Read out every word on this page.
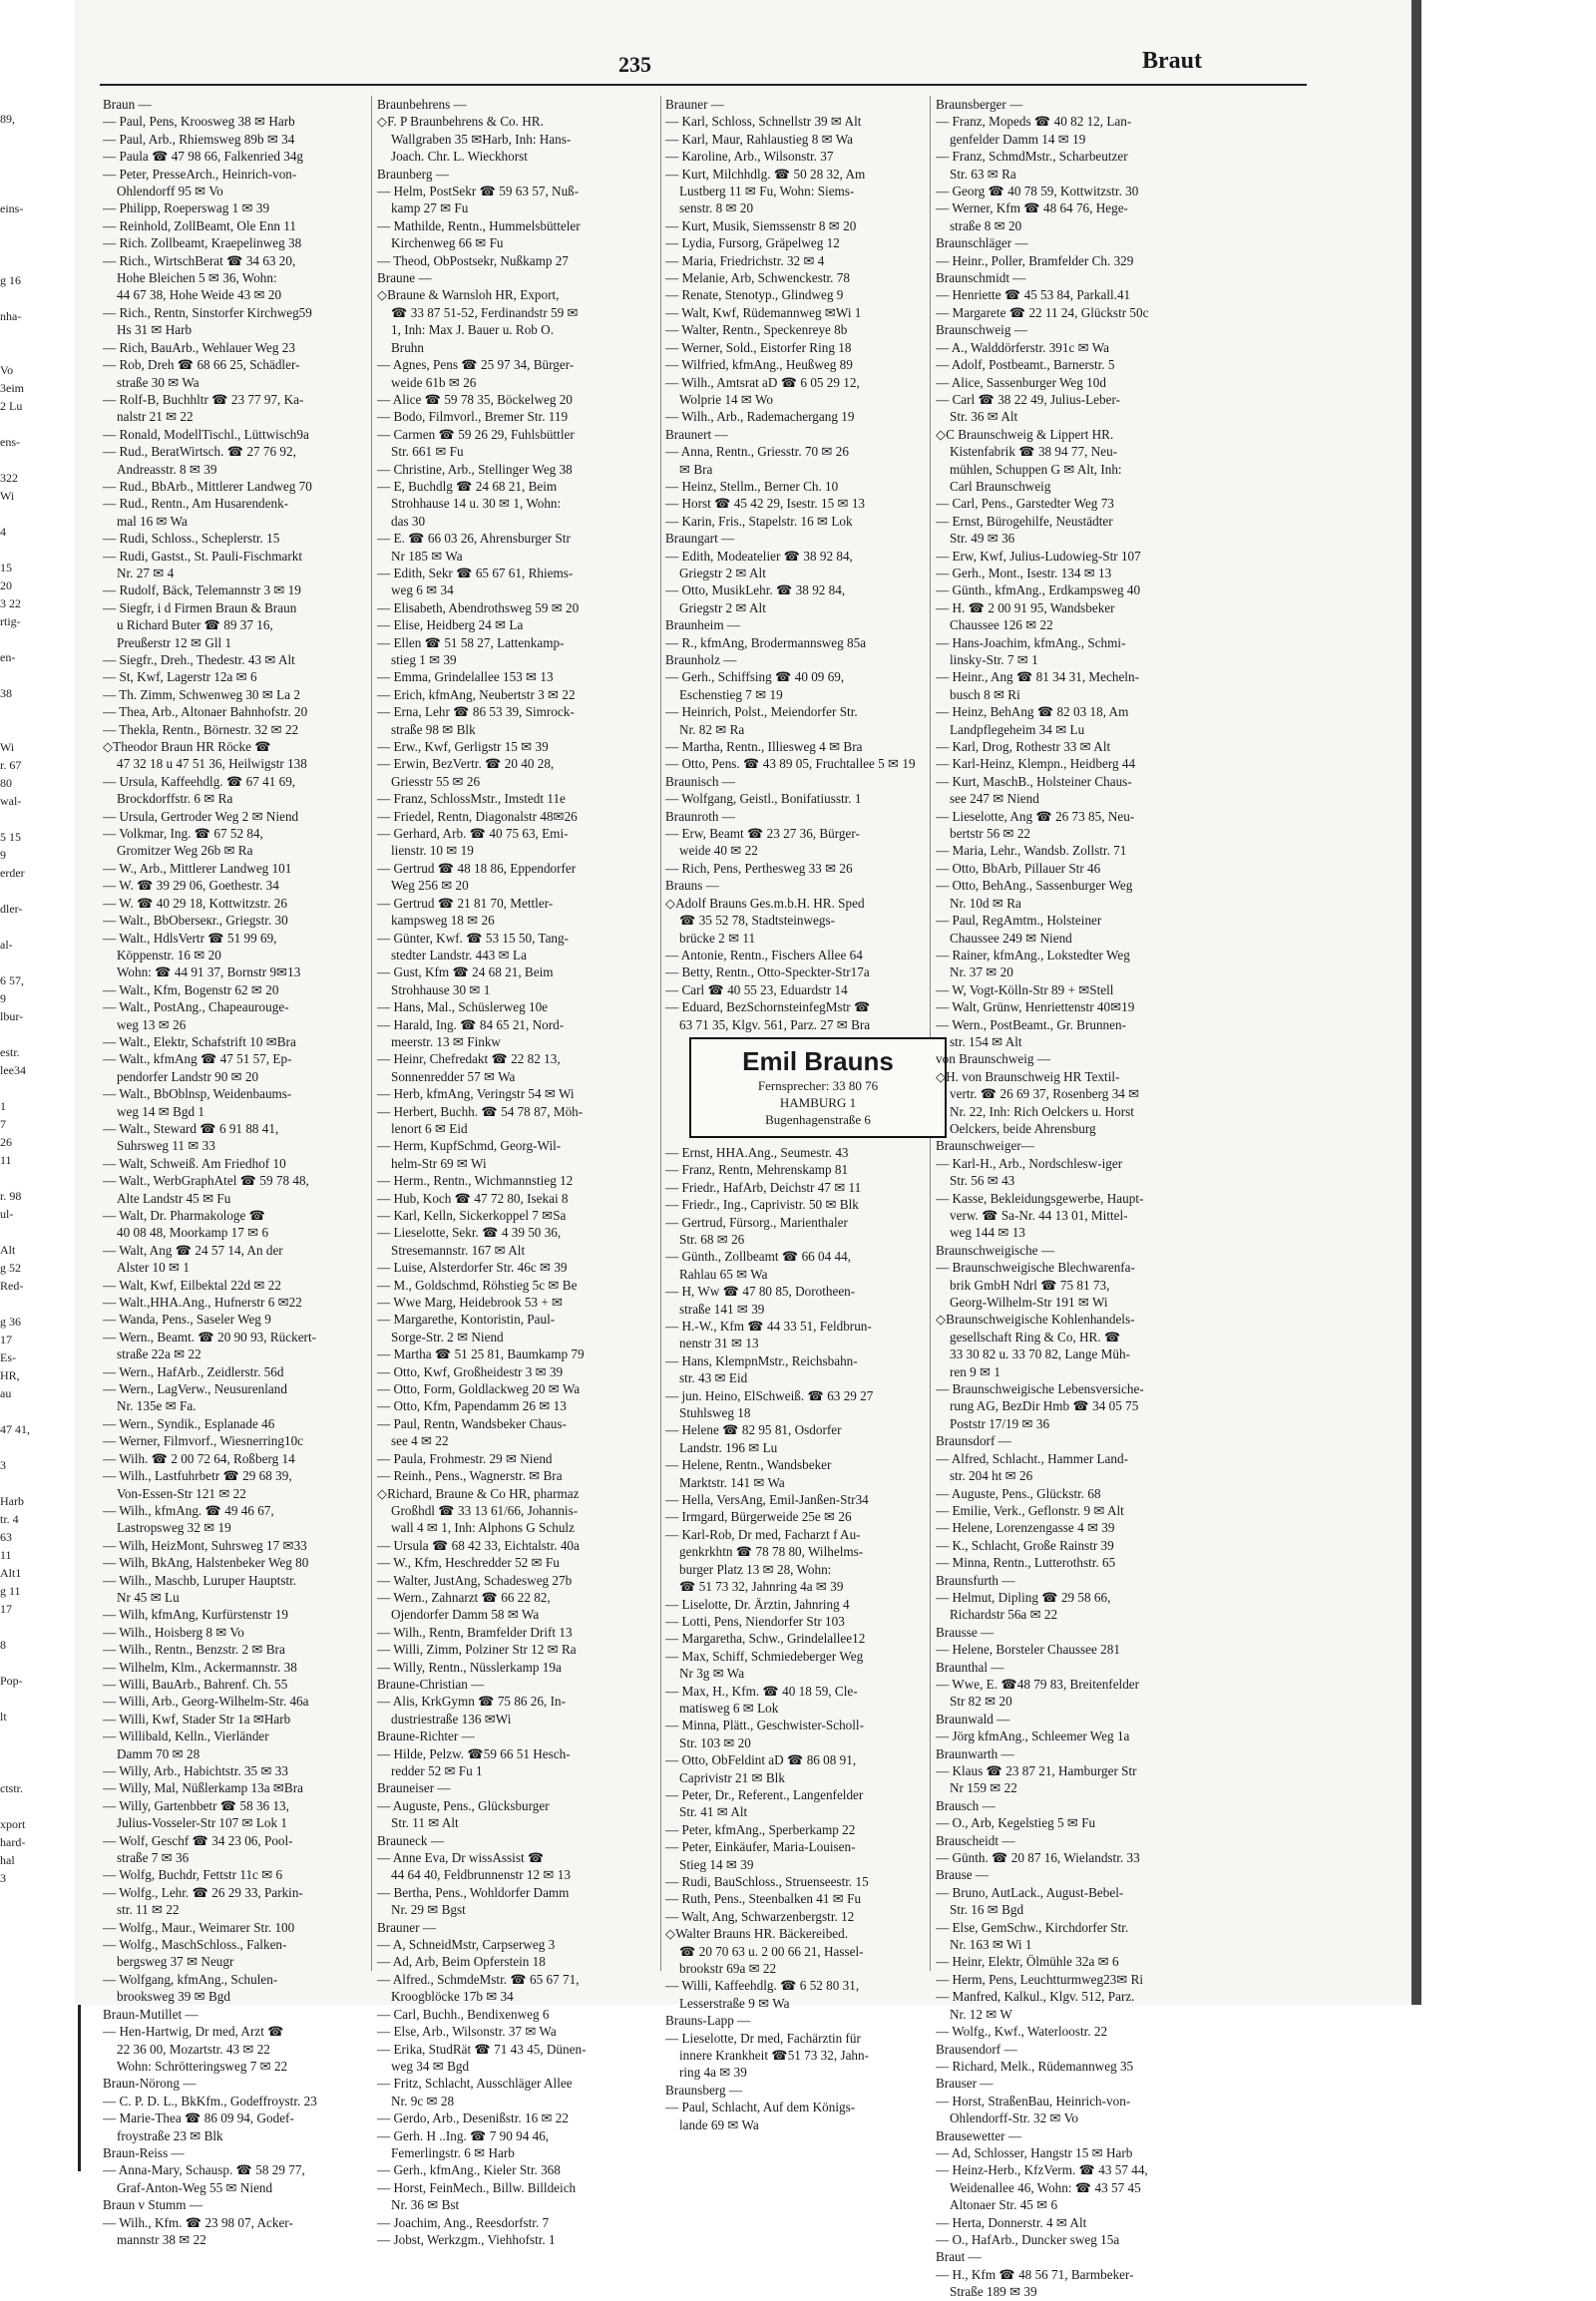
89,

eins-

g 16

nha-

Vo
3eim
2 Lu

ens-

322
Wi

4

15
20
3 22
rtig-

en-

38

Wi
r. 67
80
wal-

5 15
9
erder

dler-

al-

6 57,
9
lbur-

estr.
lee34

1
7
26
11

r. 98
ul-

Alt
g 52
Red-

g 36
17
Es-
HR,
au

47 41,

3

Harb
tr. 4
63
11
Alt1
g 11
17

8

Pop-

lt

ctstr.

xport
hard-
hal
3
235	Braut
Braun —
— Paul, Pens, Kroosweg 38 ✉ Harb
— Paul, Arb., Rhiemsweg 89b ✉ 34
— Paula ☎ 47 98 66, Falkenried 34g
— Peter, PresseArch., Heinrich-von-
Ohlendorff 95 ✉ Vo
— Philipp, Roeperswag 1 ✉ 39
— Reinhold, ZollBeamt, Ole Enn 11
— Rich. Zollbeamt, Kraepelinweg 38
— Rich., WirtschBerat ☎ 34 63 20,
Hohe Bleichen 5 ✉ 36, Wohn:
44 67 38, Hohe Weide 43 ✉ 20
— Rich., Rentn, Sinstorfer Kirchweg59
Hs 31 ✉ Harb
— Rich, BauArb., Wehlauer Weg 23
— Rob, Dreh ☎ 68 66 25, Schädler-
straße 30 ✉ Wa
— Rolf-B, Buchhltr ☎ 23 77 97, Ka-
nalstr 21 ✉ 22
— Ronald, ModellTischl., Lüttwisch9a
— Rud., BeratWirtsch. ☎ 27 76 92,
Andreasstr. 8 ✉ 39
— Rud., BbArb., Mittlerer Landweg 70
— Rud., Rentn., Am Husarendenk-
mal 16 ✉ Wa
— Rudi, Schloss., Scheplerstr. 15
— Rudi, Gastst., St. Pauli-Fischmarkt
Nr. 27 ✉ 4
— Rudolf, Bäck, Telemannstr 3 ✉ 19
— Siegfr, i d Firmen Braun & Braun
u Richard Buter ☎ 89 37 16,
Preußerstr 12 ✉ Gll 1
— Siegfr., Dreh., Thedestr. 43 ✉ Alt
— St, Kwf, Lagerstr 12a ✉ 6
— Th. Zimm, Schwenweg 30 ✉ La 2
— Thea, Arb., Altonaer Bahnhofstr. 20
— Thekla, Rentn., Börnestr. 32 ✉ 22
◇ Theodor Braun HR Röcke ☎
47 32 18 u 47 51 36, Heilwigstr 138
— Ursula, Kaffeehdlg. ☎ 67 41 69,
Brockdorffstr. 6 ✉ Ra
— Ursula, Gertroder Weg 2 ✉ Niend
— Volkmar, Ing. ☎ 67 52 84,
Gromitzer Weg 26b ✉ Ra
— W., Arb., Mittlerer Landweg 101
— W. ☎ 39 29 06, Goethestr. 34
— W. ☎ 40 29 18, Kottwitzstr. 26
— Walt., BbOberseкr., Griegstr. 30
— Walt., HdlsVertr ☎ 51 99 69,
Köppenstr. 16 ✉ 20
Wohn: ☎ 44 91 37, Bornstr 9✉13
— Walt., Kfm, Bogenstr 62 ✉ 20
— Walt., PostAng., Chapeaurouge-
weg 13 ✉ 26
— Walt., Elektr, Schafstrift 10 ✉Bra
— Walt., kfmAng ☎ 47 51 57, Ep-
pendorfer Landstr 90 ✉ 20
— Walt., BbOblnsp, Weidenbaums-
weg 14 ✉ Bgd 1
— Walt., Steward ☎ 6 91 88 41,
Suhrsweg 11 ✉ 33
— Walt, Schweiß. Am Friedhof 10
— Walt., WerbGraphAtel ☎ 59 78 48,
Alte Landstr 45 ✉ Fu
— Walt, Dr. Pharmakologe ☎
40 08 48, Moorkamp 17 ✉ 6
— Walt, Ang ☎ 24 57 14, An der
Alster 10 ✉ 1
— Walt, Kwf, Eilbektal 22d ✉ 22
— Walt.,HHA.Ang., Hufnerstr 6 ✉22
— Wanda, Pens., Saseler Weg 9
— Wern., Beamt. ☎ 20 90 93, Rückert-
straße 22a ✉ 22
— Wern., HafArb., Zeidlerstr. 56d
— Wern., LagVerw., Neusurenland
Nr. 135e ✉ Fa.
— Wern., Syndik., Esplanade 46
— Werner, Filmvorf., Wiesnerring10c
— Wilh. ☎ 2 00 72 64, Roßberg 14
— Wilh., Lastfuhrbetr ☎ 29 68 39,
Von-Essen-Str 121 ✉ 22
— Wilh., kfmAng. ☎ 49 46 67,
Lastropsweg 32 ✉ 19
— Wilh, HeizMont, Suhrsweg 17 ✉33
— Wilh, BkAng, Halstenbeker Weg 80
— Wilh., Maschb, Luruper Hauptstr.
Nr 45 ✉ Lu
— Wilh, kfmAng, Kurfürstenstr 19
— Wilh., Hoisberg 8 ✉ Vo
— Wilh., Rentn., Benzstr. 2 ✉ Bra
— Wilhelm, Klm., Ackermannstr. 38
— Willi, BauArb., Bahrenf. Ch. 55
— Willi, Arb., Georg-Wilhelm-Str. 46a
— Willi, Kwf, Stader Str 1a ✉Harb
— Willibald, Kelln., Vierländer
Damm 70 ✉ 28
— Willy, Arb., Habichtstr. 35 ✉ 33
— Willy, Mal, Nüßlerkamp 13a ✉Bra
— Willy, Gartenbbetr ☎ 58 36 13,
Julius-Vosseler-Str 107 ✉ Lok 1
— Wolf, Geschf ☎ 34 23 06, Pool-
straße 7 ✉ 36
— Wolfg, Buchdr, Fettstr 11c ✉ 6
— Wolfg., Lehr. ☎ 26 29 33, Parkin-
str. 11 ✉ 22
— Wolfg., Maur., Weimarer Str. 100
— Wolfg., MaschSchloss., Falken-
bergsweg 37 ✉ Neugr
— Wolfgang, kfmAng., Schulen-
brooksweg 39 ✉ Bgd
Braun-Mutillet —
— Hen-Hartwig, Dr med, Arzt ☎
22 36 00, Mozartstr. 43 ✉ 22
Wohn: Schrötteringsweg 7 ✉ 22
Braun-Nörong —
— C. P. D. L., BkKfm., Godeffroystr. 23
— Marie-Thea ☎ 86 09 94, Godef-
froystraße 23 ✉ Blk
Braun-Reiss —
— Anna-Mary, Schausp. ☎ 58 29 77,
Graf-Anton-Weg 55 ✉ Niend
Braun v Stumm —
— Wilh., Kfm. ☎ 23 98 07, Acker-
mannstr 38 ✉ 22
Braunbehrens —
◇ F. P Braunbehrens & Co. HR.
Wallgraben 35 ✉Harb, Inh: Hans-
Joach. Chr. L. Wieckhorst
Braunberg —
— Helm, PostSekr ☎ 59 63 57, Nuß-
kamp 27 ✉ Fu
— Mathilde, Rentn., Hummelsbütteler
Kirchenweg 66 ✉ Fu
— Theod, ObPostsekr, Nußkamp 27
Braune —
◇ Braune & Warnsloh HR, Export,
☎ 33 87 51-52, Ferdinandstr 59 ✉
1, Inh: Max J. Bauer u. Rob O.
Bruhn
— Agnes, Pens ☎ 25 97 34, Bürger-
weide 61b ✉ 26
— Alice ☎ 59 78 35, Böckelweg 20
— Bodo, Filmvorl., Bremer Str. 119
— Carmen ☎ 59 26 29, Fuhlsbüttler
Str. 661 ✉ Fu
— Christine, Arb., Stellinger Weg 38
— E, Buchdlg ☎ 24 68 21, Beim
Strohhause 14 u. 30 ✉ 1, Wohn:
das 30
— E. ☎ 66 03 26, Ahrensburger Str
Nr 185 ✉ Wa
— Edith, Sekr ☎ 65 67 61, Rhiems-
weg 6 ✉ 34
— Elisabeth, Abendrothsweg 59 ✉ 20
— Elise, Heidberg 24 ✉ La
— Ellen ☎ 51 58 27, Lattenkamp-
stieg 1 ✉ 39
— Emma, Grindelallee 153 ✉ 13
— Erich, kfmAng, Neubertstr 3 ✉ 22
— Erna, Lehr ☎ 86 53 39, Simrock-
straße 98 ✉ Blk
— Erw., Kwf, Gerligstr 15 ✉ 39
— Erwin, BezVertr. ☎ 20 40 28,
Griesstr 55 ✉ 26
— Franz, SchlossMstr., Imstedt 11e
— Friedel, Rentn, Diagonalstr 48✉26
— Gerhard, Arb. ☎ 40 75 63, Emi-
lienstr. 10 ✉ 19
— Gertrud ☎ 48 18 86, Eppendorfer
Weg 256 ✉ 20
— Gertrud ☎ 21 81 70, Mettler-
kampsweg 18 ✉ 26
— Günter, Kwf. ☎ 53 15 50, Tang-
stedter Landstr. 443 ✉ La
— Gust, Kfm ☎ 24 68 21, Beim
Strohhause 30 ✉ 1
— Hans, Mal., Schüslerweg 10e
— Harald, Ing. ☎ 84 65 21, Nord-
meerstr. 13 ✉ Finkw
— Heinr, Chefredakt ☎ 22 82 13,
Sonnenredder 57 ✉ Wa
— Herb, kfmAng, Veringstr 54 ✉ Wi
— Herbert, Buchh. ☎ 54 78 87, Möh-
lenort 6 ✉ Eid
— Herm, KupfSchmd, Georg-Wil-
helm-Str 69 ✉ Wi
— Herm., Rentn., Wichmannstieg 12
— Hub, Koch ☎ 47 72 80, Isekai 8
— Karl, Kelln, Sickerkoppel 7 ✉Sa
— Lieselotte, Sekr. ☎ 4 39 50 36,
Stresemannstr. 167 ✉ Alt
— Luise, Alsterdorfer Str. 46c ✉ 39
— M., Goldschmd, Röhstieg 5c ✉ Be
— Wwe Marg, Heidebrook 53 + ✉
— Margarethe, Kontoristin, Paul-
Sorge-Str. 2 ✉ Niend
— Martha ☎ 51 25 81, Baumkamp 79
— Otto, Kwf, Großheidestr 3 ✉ 39
— Otto, Form, Goldlackweg 20 ✉ Wa
— Otto, Kfm, Papendamm 26 ✉ 13
— Paul, Rentn, Wandsbeker Chaus-
see 4 ✉ 22
— Paula, Frohmestr. 29 ✉ Niend
— Reinh., Pens., Wagnerstr. ✉ Bra
◇ Richard, Braune & Co HR, pharmaz
Großhdl ☎ 33 13 61/66, Johannis-
wall 4 ✉ 1, Inh: Alphons G Schulz
— Ursula ☎ 68 42 33, Eichtalstr. 40a
— W., Kfm, Heschredder 52 ✉ Fu
— Walter, JustAng, Schadesweg 27b
— Wern., Zahnarzt ☎ 66 22 82,
Ojendorfer Damm 58 ✉ Wa
— Wilh., Rentn, Bramfelder Drift 13
— Willi, Zimm, Polziner Str 12 ✉ Ra
— Willy, Rentn., Nüsslerkamp 19a
Braune-Christian —
— Alis, KrkGymn ☎ 75 86 26, In-
dustriestraße 136 ✉Wi
Braune-Richter —
— Hilde, Pelzw. ☎59 66 51 Hesch-
redder 52 ✉ Fu 1
Brauneiser —
— Auguste, Pens., Glücksburger
Str. 11 ✉ Alt
Brauneck —
— Anne Eva, Dr wissAssist ☎
44 64 40, Feldbrunnenstr 12 ✉ 13
— Bertha, Pens., Wohldorfer Damm
Nr. 29 ✉ Bgst
Brauner —
— A, SchneidMstr, Carpserweg 3
— Ad, Arb, Beim Opferstein 18
— Alfred., SchmdeMstr. ☎ 65 67 71,
Kroogblöcke 17b ✉ 34
— Carl, Buchh., Bendixenweg 6
— Else, Arb., Wilsonstr. 37 ✉ Wa
— Erika, StudRät ☎ 71 43 45, Dünen-
weg 34 ✉ Bgd
— Fritz, Schlacht, Ausschläger Allee
Nr. 9c ✉ 28
— Gerdo, Arb., Desenißstr. 16 ✉ 22
— Gerh. H ..Ing. ☎ 7 90 94 46,
Femerlingstr. 6 ✉ Harb
— Gerh., kfmAng., Kieler Str. 368
— Horst, FeinMech., Billw. Billdeich
Nr. 36 ✉ Bst
— Joachim, Ang., Reesdorfstr. 7
— Jobst, Werkzgm., Viehhofstr. 1
Brauner —
— Karl, Schloss, Schnellstr 39 ✉ Alt
— Karl, Maur, Rahlaustieg 8 ✉ Wa
— Karoline, Arb., Wilsonstr. 37
— Kurt, Milchhdlg. ☎ 50 28 32, Am
Lustberg 11 ✉ Fu, Wohn: Siems-
senstr. 8 ✉ 20
— Kurt, Musik, Siemssenstr 8 ✉ 20
— Lydia, Fursorg, Gräpelweg 12
— Maria, Friedrichstr. 32 ✉ 4
— Melanie, Arb, Schwenckestr. 78
— Renate, Stenotyp., Glindweg 9
— Walt, Kwf, Rüdemannweg ✉Wi 1
— Walter, Rentn., Speckenreye 8b
— Werner, Sold., Eistorfer Ring 18
— Wilfried, kfmAng., Heußweg 89
— Wilh., Amtsrat aD ☎ 6 05 29 12,
Wolprie 14 ✉ Wo
— Wilh., Arb., Rademachergang 19
Braunert —
— Anna, Rentn., Griesstr. 70 ✉ 26
✉ Bra
— Heinz, Stellm., Berner Ch. 10
— Horst ☎ 45 42 29, Isestr. 15 ✉ 13
— Karin, Fris., Stapelstr. 16 ✉ Lok
Braungart —
— Edith, Modeatelier ☎ 38 92 84,
Griegstr 2 ✉ Alt
— Otto, MusikLehr. ☎ 38 92 84,
Griegstr 2 ✉ Alt
Braunheim —
— R., kfmAng, Brodermannsweg 85a
Braunholz —
— Gerh., Schiffsing ☎ 40 09 69,
Eschenstieg 7 ✉ 19
— Heinrich, Polst., Meiendorfer Str.
Nr. 82 ✉ Ra
— Martha, Rentn., Illiesweg 4 ✉ Bra
— Otto, Pens. ☎ 43 89 05, Fruchtallee 5 ✉ 19
Braunisch —
— Wolfgang, Geistl., Bonifatiusstr. 1
Braunroth —
— Erw, Beamt ☎ 23 27 36, Bürger-
weide 40 ✉ 22
— Rich, Pens, Perthesweg 33 ✉ 26
Brauns —
◇ Adolf Brauns Ges.m.b.H. HR. Sped
☎ 35 52 78, Stadtsteinwegs-
brücke 2 ✉ 11
— Antonie, Rentn., Fischers Allee 64
— Betty, Rentn., Otto-Speckter-Str17a
— Carl ☎ 40 55 23, Eduardstr 14
— Eduard, BezSchornsteinfegMstr ☎
63 71 35, Klgv. 561, Parz. 27 ✉ Bra
Emil Brauns
Fernsprecher: 33 80 76
HAMBURG 1
Bugenhagenstraße 6
— Ernst, HHA.Ang., Seumestr. 43
— Franz, Rentn, Mehrenskamp 81
— Friedr., HafArb, Deichstr 47 ✉ 11
— Friedr., Ing., Caprivistr. 50 ✉ Blk
— Gertrud, Fürsorg., Marienthaler
Str. 68 ✉ 26
— Günth., Zollbeamt ☎ 66 04 44,
Rahlau 65 ✉ Wa
— H, Ww ☎ 47 80 85, Dorotheen-
straße 141 ✉ 39
— H.-W., Kfm ☎ 44 33 51, Feldbrun-
nenstr 31 ✉ 13
— Hans, KlempnMstr., Reichsbahn-
str. 43 ✉ Eid
— jun. Heino, ElSchweiß. ☎ 63 29 27
Stuhlsweg 18
— Helene ☎ 82 95 81, Osdorfer
Landstr. 196 ✉ Lu
— Helene, Rentn., Wandsbeker
Marktstr. 141 ✉ Wa
— Hella, VersAng, Emil-Janßen-Str34
— Irmgard, Bürgerweide 25e ✉ 26
— Karl-Rob, Dr med, Facharzt f Au-
genkrkhtn ☎ 78 78 80, Wilhelms-
burger Platz 13 ✉ 28, Wohn:
☎ 51 73 32, Jahnring 4a ✉ 39
— Liselotte, Dr. Ärztin, Jahnring 4
— Lotti, Pens, Niendorfer Str 103
— Margaretha, Schw., Grindelallee12
— Max, Schiff, Schmiedeberger Weg
Nr 3g ✉ Wa
— Max, H., Kfm. ☎ 40 18 59, Cle-
matisweg 6 ✉ Lok
— Minna, Plätt., Geschwister-Scholl-
Str. 103 ✉ 20
— Otto, ObFeldint aD ☎ 86 08 91,
Caprivistr 21 ✉ Blk
— Peter, Dr., Referent., Langenfelder
Str. 41 ✉ Alt
— Peter, kfmAng., Sperberkamp 22
— Peter, Einkäufer, Maria-Louisen-
Stieg 14 ✉ 39
— Rudi, BauSchloss., Struenseestr. 15
— Ruth, Pens., Steenbalken 41 ✉ Fu
— Walt, Ang, Schwarzenbergstr. 12
◇ Walter Brauns HR. Bäckereibed.
☎ 20 70 63 u. 2 00 66 21, Hassel-
brookstr 69a ✉ 22
— Willi, Kaffeehdlg. ☎ 6 52 80 31,
Lesserstraße 9 ✉ Wa
Brauns-Lapp —
— Lieselotte, Dr med, Fachärztin für
innere Krankheit ☎51 73 32, Jahn-
ring 4a ✉ 39
Braunsberg —
— Paul, Schlacht, Auf dem Königs-
lande 69 ✉ Wa
Braunsberger —
— Franz, Mopeds ☎ 40 82 12, Lan-
genfelder Damm 14 ✉ 19
— Franz, SchmdMstr., Scharbeutzer
Str. 63 ✉ Ra
— Georg ☎ 40 78 59, Kottwitzstr. 30
— Werner, Kfm ☎ 48 64 76, Hege-
straße 8 ✉ 20
Braunschläger —
— Heinr., Poller, Bramfelder Ch. 329
Braunschmidt —
— Henriette ☎ 45 53 84, Parkall.41
— Margarete ☎ 22 11 24, Glückstr 50c
Braunschweig —
— A., Walddörferstr. 391c ✉ Wa
— Adolf, Postbeamt., Barnerstr. 5
— Alice, Sassenburger Weg 10d
— Carl ☎ 38 22 49, Julius-Leber-
Str. 36 ✉ Alt
◇ C Braunschweig & Lippert HR.
Kistenfabrik ☎ 38 94 77, Neu-
mühlen, Schuppen G ✉ Alt, Inh:
Carl Braunschweig
— Carl, Pens., Garstedter Weg 73
— Ernst, Bürogehilfe, Neustädter
Str. 49 ✉ 36
— Erw, Kwf, Julius-Ludowieg-Str 107
— Gerh., Mont., Isestr. 134 ✉ 13
— Günth., kfmAng., Erdkampsweg 40
— H. ☎ 2 00 91 95, Wandsbeker
Chaussee 126 ✉ 22
— Hans-Joachim, kfmAng., Schmi-
linsky-Str. 7 ✉ 1
— Heinr., Ang ☎ 81 34 31, Mecheln-
busch 8 ✉ Ri
— Heinz, BehAng ☎ 82 03 18, Am
Landpflegeheim 34 ✉ Lu
— Karl, Drog, Rothestr 33 ✉ Alt
— Karl-Heinz, Klempn., Heidberg 44
— Kurt, MaschB., Holsteiner Chaus-
see 247 ✉ Niend
— Lieselotte, Ang ☎ 26 73 85, Neu-
bertstr 56 ✉ 22
— Maria, Lehr., Wandsb. Zollstr. 71
— Otto, BbArb, Pillauer Str 46
— Otto, BehAng., Sassenburger Weg
Nr. 10d ✉ Ra
— Paul, RegAmtm., Holsteiner
Chaussee 249 ✉ Niend
— Rainer, kfmAng., Lokstedter Weg
Nr. 37 ✉ 20
— W, Vogt-Kölln-Str 89 + ✉Stell
— Walt, Grünw, Henriettenstr 40✉19
— Wern., PostBeamt., Gr. Brunnen-
str. 154 ✉ Alt
von Braunschweig —
◇ H. von Braunschweig HR Textil-
vertr. ☎ 26 69 37, Rosenberg 34 ✉
Nr. 22, Inh: Rich Oelckers u. Horst
Oelckers, beide Ahrensburg
Braunschweiger—
— Karl-H., Arb., Nordschlesw-iger
Str. 56 ✉ 43
— Kasse, Bekleidungsgewerbe, Haupt-
verw. ☎ Sa-Nr. 44 13 01, Mittel-
weg 144 ✉ 13
Braunschweigische —
— Braunschweigische Blechwarenfa-
brik GmbH Ndrl ☎ 75 81 73,
Georg-Wilhelm-Str 191 ✉ Wi
◇ Braunschweigische Kohlenhandels-
gesellschaft Ring & Co, HR. ☎
33 30 82 u. 33 70 82, Lange Müh-
ren 9 ✉ 1
— Braunschweigische Lebensversiche-
rung AG, BezDir Hmb ☎ 34 05 75
Poststr 17/19 ✉ 36
Braunsdorf —
— Alfred, Schlacht., Hammer Land-
str. 204 ht ✉ 26
— Auguste, Pens., Glückstr. 68
— Emilie, Verk., Geflonstr. 9 ✉ Alt
— Helene, Lorenzengasse 4 ✉ 39
— K., Schlacht, Große Rainstr 39
— Minna, Rentn., Lutterothstr. 65
Braunsfurth —
— Helmut, Dipling ☎ 29 58 66,
Richardstr 56a ✉ 22
Brausse —
— Helene, Borsteler Chaussee 281
Braunthal —
— Wwe, E. ☎48 79 83, Breitenfelder
Str 82 ✉ 20
Braunwald —
— Jörg kfmAng., Schleemer Weg 1a
Braunwarth —
— Klaus ☎ 23 87 21, Hamburger Str
Nr 159 ✉ 22
Brausch —
— O., Arb, Kegelstieg 5 ✉ Fu
Brauscheidt —
— Günth. ☎ 20 87 16, Wielandstr. 33
Brause —
— Bruno, AutLack., August-Bebel-
Str. 16 ✉ Bgd
— Else, GemSchw., Kirchdorfer Str.
Nr. 163 ✉ Wi 1
— Heinr, Elektr, Ölmühle 32a ✉ 6
— Herm, Pens, Leuchtturmweg23✉ Ri
— Manfred, Kalkul., Klgv. 512, Parz.
Nr. 12 ✉ W
— Wolfg., Kwf., Waterloostr. 22
Brausendorf —
— Richard, Melk., Rüdemannweg 35
Brauser —
— Horst, StraßenBau, Heinrich-von-
Ohlendorff-Str. 32 ✉ Vo
Brausewetter —
— Ad, Schlosser, Hangstr 15 ✉ Harb
— Heinz-Herb., KfzVerm. ☎ 43 57 44,
Weidenallee 46, Wohn: ☎ 43 57 45
Altonaer Str. 45 ✉ 6
— Herta, Donnerstr. 4 ✉ Alt
— O., HafArb., Duncker sweg 15a
Braut —
— H., Kfm ☎ 48 56 71, Barmbeker-
Straße 189 ✉ 39
